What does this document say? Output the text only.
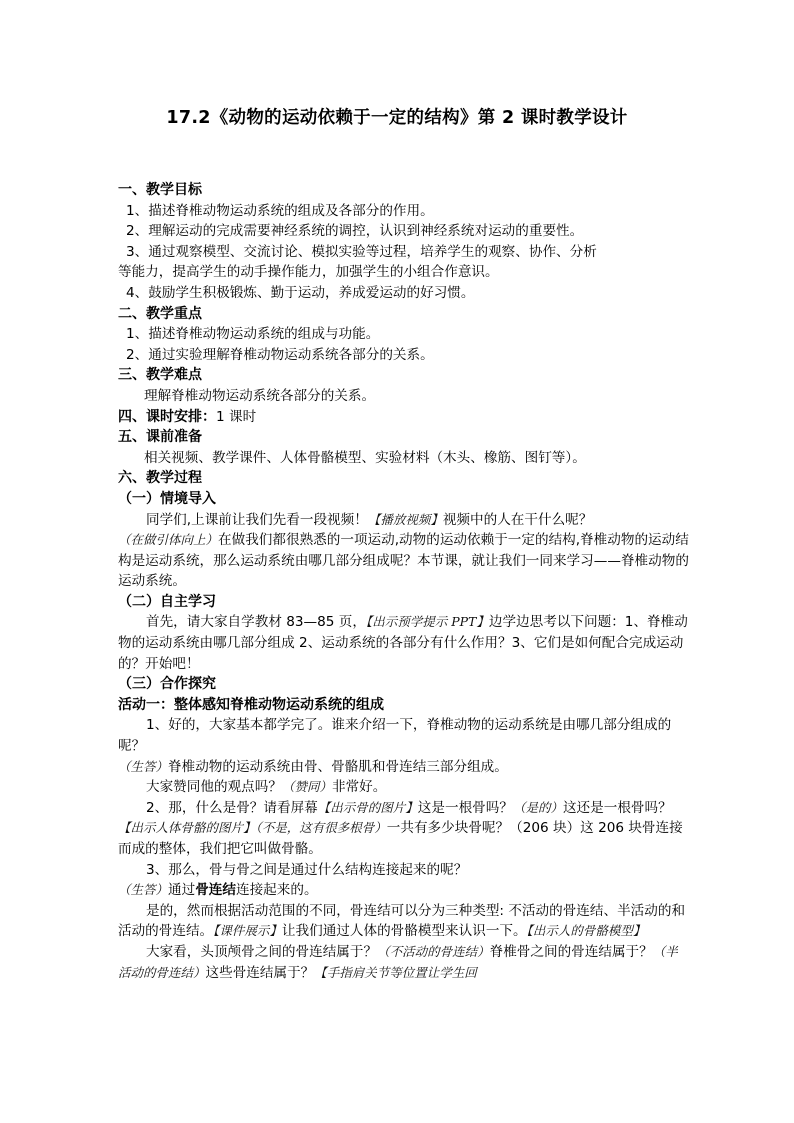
17.2《动物的运动依赖于一定的结构》第 2 课时教学设计

一、教学目标

1、描述脊椎动物运动系统的组成及各部分的作用。

2、理解运动的完成需要神经系统的调控，认识到神经系统对运动的重要性。

3、通过观察模型、交流讨论、模拟实验等过程，培养学生的观察、协作、分析

等能力，提高学生的动手操作能力，加强学生的小组合作意识。

4、鼓励学生积极锻炼、勤于运动，养成爱运动的好习惯。

二、教学重点

1、描述脊椎动物运动系统的组成与功能。

2、通过实验理解脊椎动物运动系统各部分的关系。

三、教学难点

理解脊椎动物运动系统各部分的关系。

四、课时安排：1 课时

五、课前准备

相关视频、教学课件、人体骨骼模型、实验材料（木头、橡筋、图钉等）。

六、教学过程

（一）情境导入

同学们,上课前让我们先看一段视频！【播放视频】视频中的人在干什么呢？（在做引体向上）在做我们都很熟悉的一项运动,动物的运动依赖于一定的结构,脊椎动物的运动结构是运动系统，那么运动系统由哪几部分组成呢？本节课，就让我们一同来学习——脊椎动物的运动系统。

（二）自主学习

首先，请大家自学教材 83—85 页，【出示预学提示 PPT】边学边思考以下问题：1、脊椎动物的运动系统由哪几部分组成 2、运动系统的各部分有什么作用？3、它们是如何配合完成运动的？开始吧！

（三）合作探究

活动一：整体感知脊椎动物运动系统的组成

1、好的，大家基本都学完了。谁来介绍一下，脊椎动物的运动系统是由哪几部分组成的呢？

（生答）脊椎动物的运动系统由骨、骨骼肌和骨连结三部分组成。

大家赞同他的观点吗？（赞同）非常好。

2、那，什么是骨？请看屏幕【出示骨的图片】这是一根骨吗？（是的）这还是一根骨吗？【出示人体骨骼的图片】（不是，这有很多根骨）一共有多少块骨呢？（206 块）这 206 块骨连接而成的整体，我们把它叫做骨骼。

3、那么，骨与骨之间是通过什么结构连接起来的呢？

（生答）通过骨连结连接起来的。

是的，然而根据活动范围的不同，骨连结可以分为三种类型: 不活动的骨连结、半活动的和活动的骨连结。【课件展示】让我们通过人体的骨骼模型来认识一下。【出示人的骨骼模型】

大家看，头顶颅骨之间的骨连结属于？（不活动的骨连结）脊椎骨之间的骨连结属于？（半活动的骨连结）这些骨连结属于？【手指肩关节等位置让学生回
